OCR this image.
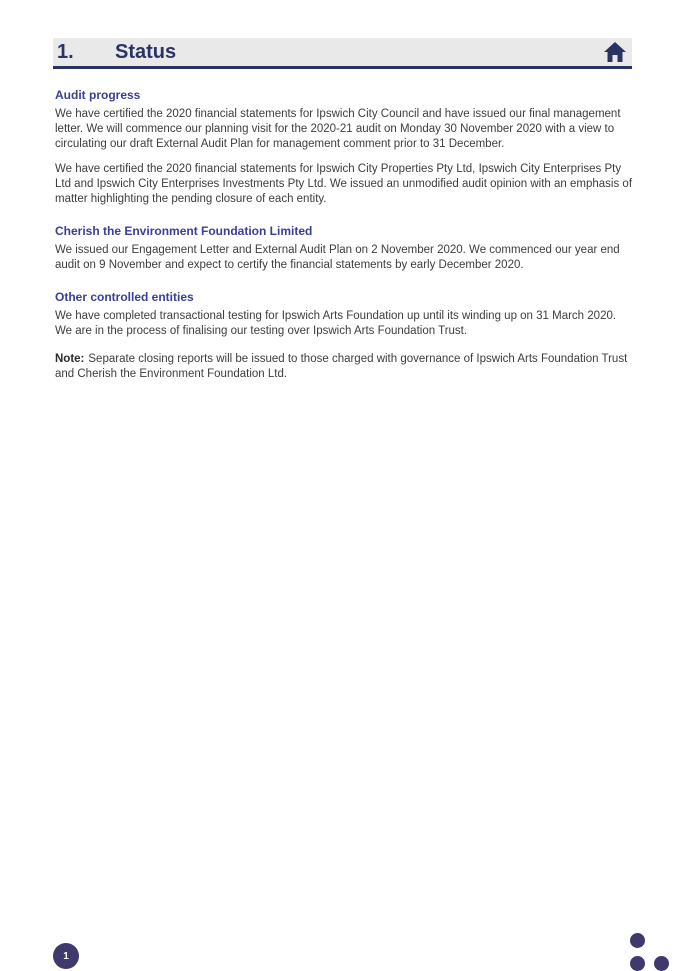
1.	Status
Audit progress

We have certified the 2020 financial statements for Ipswich City Council and have issued our final management letter. We will commence our planning visit for the 2020-21 audit on Monday 30 November 2020 with a view to circulating our draft External Audit Plan for management comment prior to 31 December.

We have certified the 2020 financial statements for Ipswich City Properties Pty Ltd, Ipswich City Enterprises Pty Ltd and Ipswich City Enterprises Investments Pty Ltd. We issued an unmodified audit opinion with an emphasis of matter highlighting the pending closure of each entity.

Cherish the Environment Foundation Limited

We issued our Engagement Letter and External Audit Plan on 2 November 2020. We commenced our year end audit on 9 November and expect to certify the financial statements by early December 2020.

Other controlled entities

We have completed transactional testing for Ipswich Arts Foundation up until its winding up on 31 March 2020. We are in the process of finalising our testing over Ipswich Arts Foundation Trust.

Note: Separate closing reports will be issued to those charged with governance of Ipswich Arts Foundation Trust and Cherish the Environment Foundation Ltd.

1
